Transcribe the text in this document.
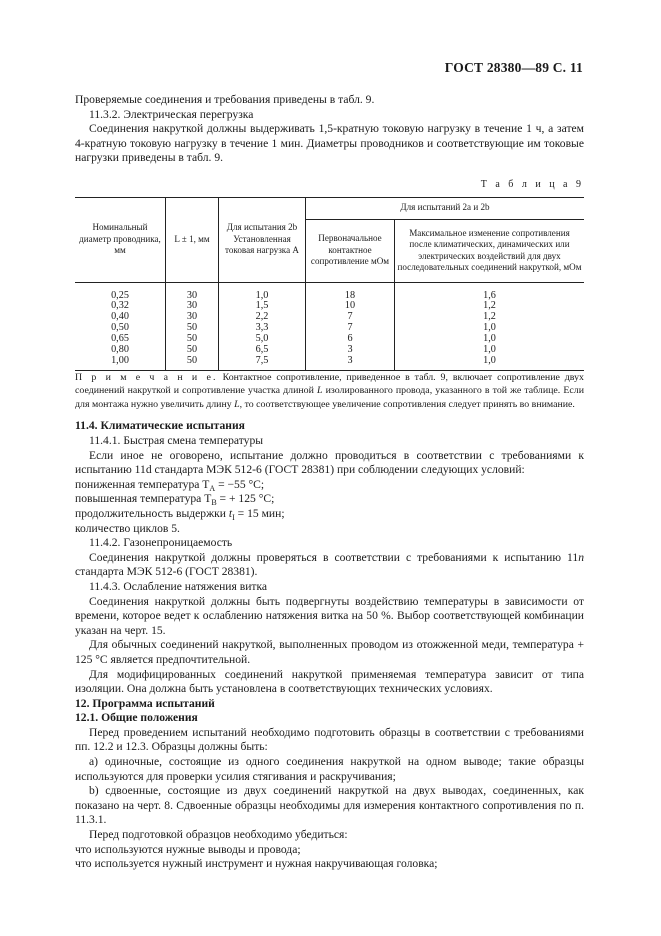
ГОСТ 28380—89 С. 11

Проверяемые соединения и требования приведены в табл. 9.

11.3.2. Электрическая перегрузка

Соединения накруткой должны выдерживать 1,5-кратную токовую нагрузку в течение 1 ч, а затем 4-кратную токовую нагрузку в течение 1 мин. Диаметры проводников и соответствующие им токовые нагрузки приведены в табл. 9.

Т а б л и ц а 9
Номинальный диаметр проводника, мм	L ± 1, мм	Для испытания 2b Установленная токовая нагрузка А	Для испытаний 2а и 2b	
			Первоначальное контактное сопротивление мОм	Максимальное изменение сопротивления после климатических, динамических или электрических воздействий для двух последовательных соединений накруткой, мОм
0,25	30	1,0	18	1,6
0,32	30	1,5	10	1,2
0,40	30	2,2	7	1,2
0,50	50	3,3	7	1,0
0,65	50	5,0	6	1,0
0,80	50	6,5	3	1,0
1,00	50	7,5	3	1,0

П р и м е ч а н и е. Контактное сопротивление, приведенное в табл. 9, включает сопротивление двух соединений накруткой и сопротивление участка длиной L изолированного провода, указанного в той же таблице. Если для монтажа нужно увеличить длину L, то соответствующее увеличение сопротивления следует принять во внимание.

11.4. Климатические испытания

11.4.1. Быстрая смена температуры

Если иное не оговорено, испытание должно проводиться в соответствии с требованиями к испытанию 11d стандарта МЭК 512-6 (ГОСТ 28381) при соблюдении следующих условий:

пониженная температура $T_A = -55$ °С;

повышенная температура $T_B$ = + 125 °С;

продолжительность выдержки $t_I = 15$ мин;

количество циклов 5.

11.4.2. Газонепроницаемость

Соединения накруткой должны проверяться в соответствии с требованиями к испытанию 11n стандарта МЭК 512-6 (ГОСТ 28381).

11.4.3. Ослабление натяжения витка

Соединения накруткой должны быть подвергнуты воздействию температуры в зависимости от времени, которое ведет к ослаблению натяжения витка на 50 %. Выбор соответствующей комбинации указан на черт. 15.

Для обычных соединений накруткой, выполненных проводом из отожженной меди, температура + 125 °С является предпочтительной.

Для модифицированных соединений накруткой применяемая температура зависит от типа изоляции. Она должна быть установлена в соответствующих технических условиях.

12. Программа испытаний

12.1. Общие положения

Перед проведением испытаний необходимо подготовить образцы в соответствии с требованиями пп. 12.2 и 12.3. Образцы должны быть:

а) одиночные, состоящие из одного соединения накруткой на одном выводе; такие образцы используются для проверки усилия стягивания и раскручивания;

b) сдвоенные, состоящие из двух соединений накруткой на двух выводах, соединенных, как показано на черт. 8. Сдвоенные образцы необходимы для измерения контактного сопротивления по п. 11.3.1.

Перед подготовкой образцов необходимо убедиться:

что используются нужные выводы и провода;

что используется нужный инструмент и нужная накручивающая головка;
